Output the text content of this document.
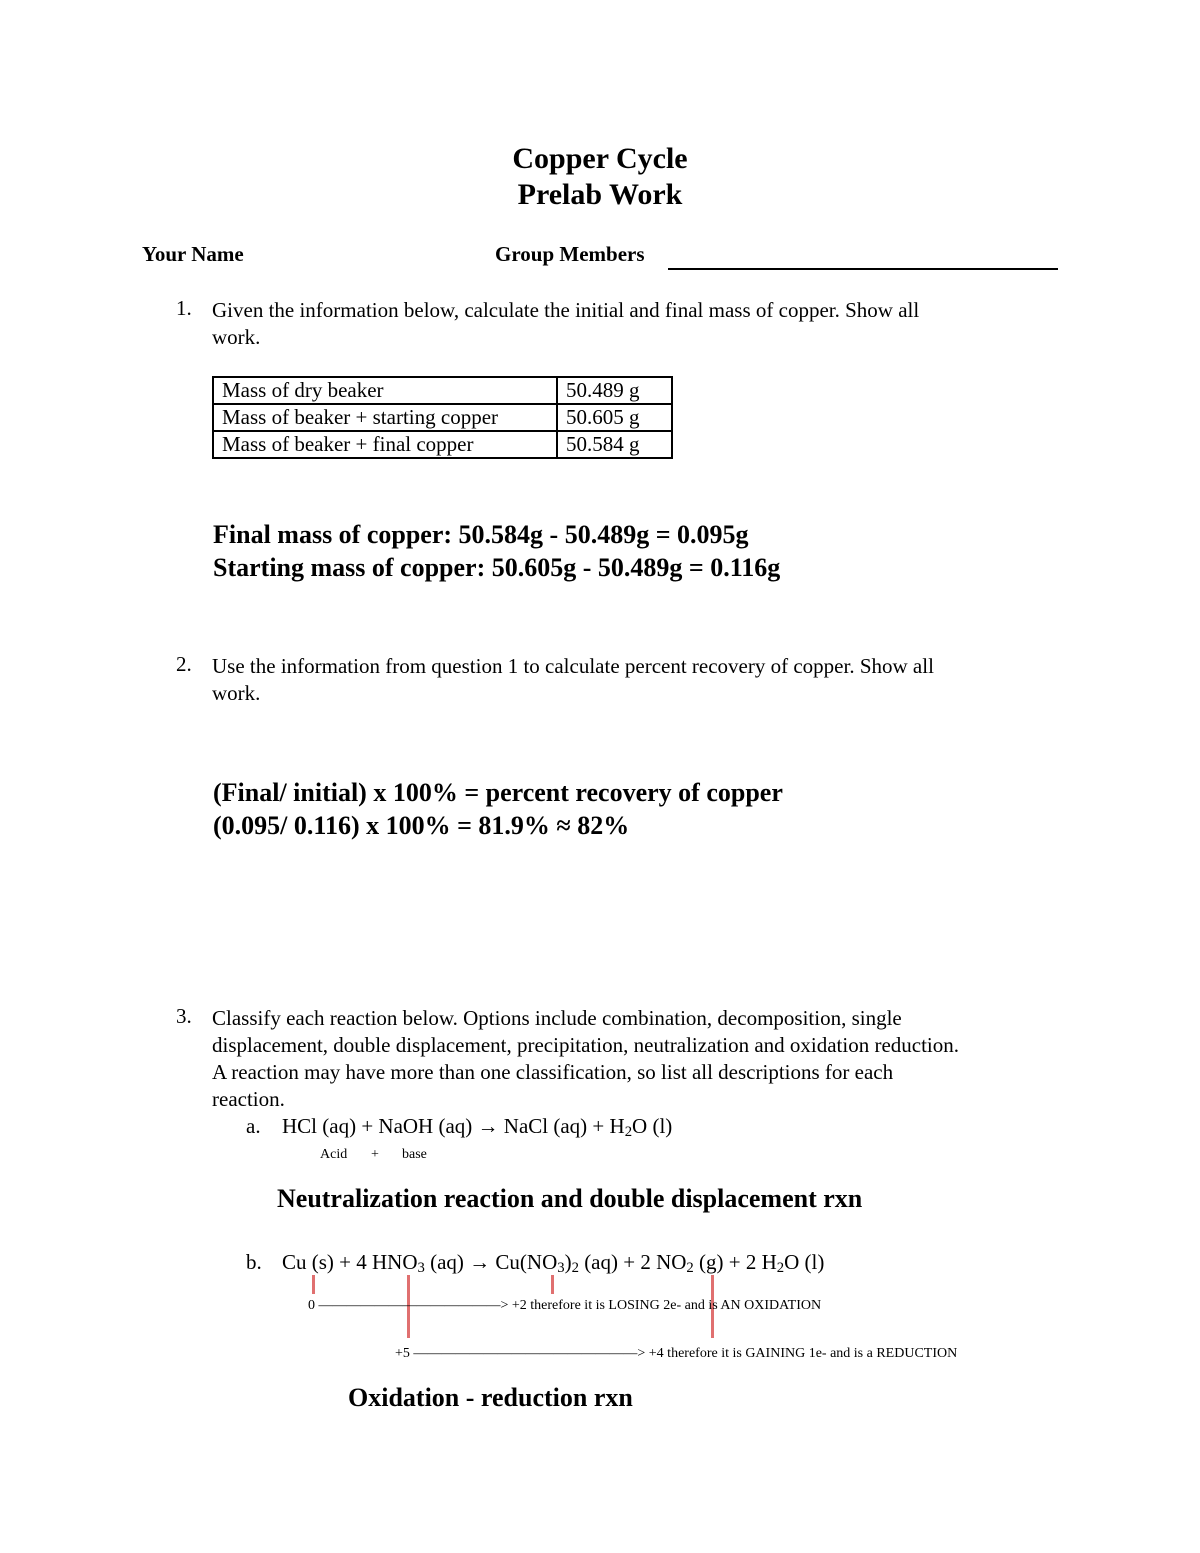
Copper Cycle
Prelab Work
Your Name	Group Members
1. Given the information below, calculate the initial and final mass of copper. Show all
work.
Mass of dry beaker	50.489 g
Mass of beaker + starting copper	50.605 g
Mass of beaker + final copper	50.584 g
Final mass of copper: 50.584g - 50.489g = 0.095g
Starting mass of copper: 50.605g - 50.489g = 0.116g
2. Use the information from question 1 to calculate percent recovery of copper. Show all
work.
(Final/ initial) x 100% = percent recovery of copper
(0.095/ 0.116) x 100% = 81.9% ≈ 82%
3. Classify each reaction below. Options include combination, decomposition, single
displacement, double displacement, precipitation, neutralization and oxidation reduction.
A reaction may have more than one classification, so list all descriptions for each
reaction.
a. HCl (aq) + NaOH (aq) → NaCl $(aq) + H_2O$ (l)
Acid + base
Neutralization reaction and double displacement rxn
b. Cu (s) + 4 $HNO_3$ $(aq) \to Cu(NO_3)_2$ (aq) + 2 $NO_2$ (g) + 2 $H_2O$ (l)
0 —————————————> +2 therefore it is LOSING 2e- and is AN OXIDATION
+5 ————————————————> +4 therefore it is GAINING 1e- and is a REDUCTION
Oxidation - reduction rxn
